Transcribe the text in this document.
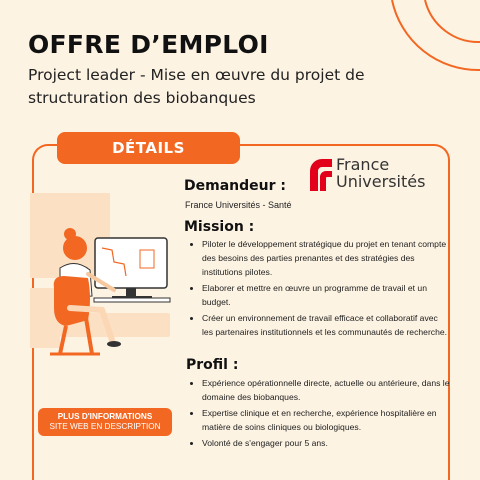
OFFRE D’EMPLOI
Project leader - Mise en œuvre du projet de structuration des biobanques
DÉTAILS
France
Universités
Demandeur :
France Universités - Santé
Mission :
• Piloter le développement stratégique du projet en tenant compte des besoins des parties prenantes et des stratégies des institutions pilotes.
• Elaborer et mettre en œuvre un programme de travail et un budget.
• Créer un environnement de travail efficace et collaboratif avec les partenaires institutionnels et les communautés de recherche.
Profil :
• Expérience opérationnelle directe, actuelle ou antérieure, dans le domaine des biobanques.
• Expertise clinique et en recherche, expérience hospitalière en matière de soins cliniques ou biologiques.
• Volonté de s'engager pour 5 ans.
PLUS D'INFORMATIONS
SITE WEB EN DESCRIPTION
